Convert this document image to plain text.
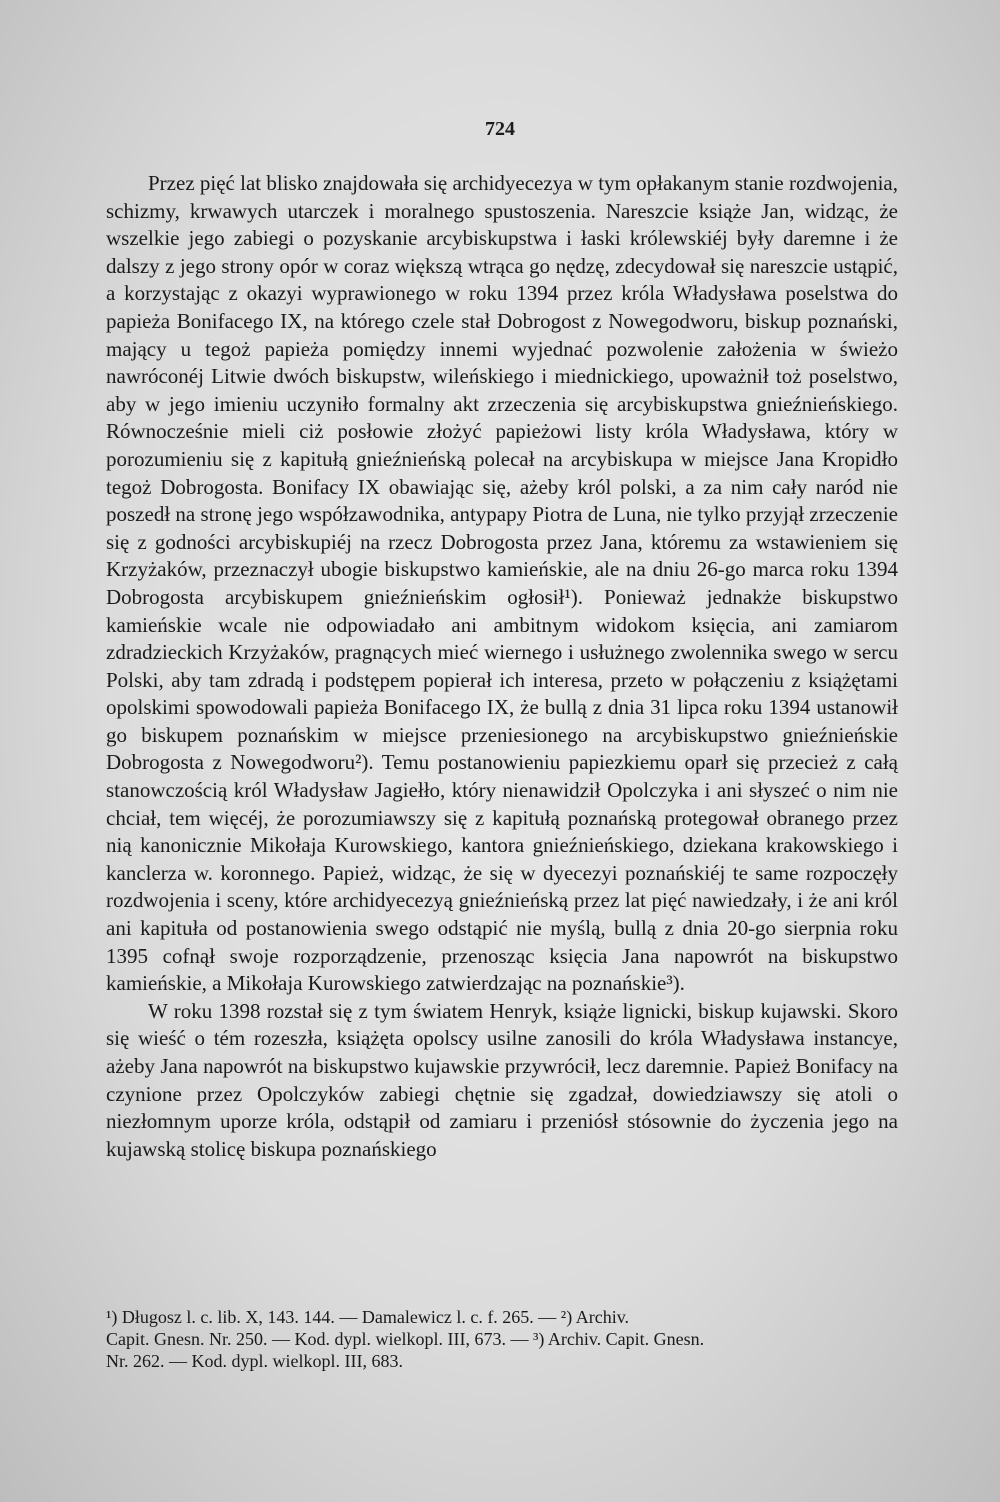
724

Przez pięć lat blisko znajdowała się archidyecezya w tym opłakanym stanie rozdwojenia, schizmy, krwawych utarczek i moralnego spustoszenia. Nareszcie książe Jan, widząc, że wszelkie jego zabiegi o pozyskanie arcybiskupstwa i łaski królewskiéj były daremne i że dalszy z jego strony opór w coraz większą wtrąca go nędzę, zdecydował się nareszcie ustąpić, a korzystając z okazyi wyprawionego w roku 1394 przez króla Władysława poselstwa do papieża Bonifacego IX, na którego czele stał Dobrogost z Nowegodworu, biskup poznański, mający u tegoż papieża pomiędzy innemi wyjednać pozwolenie założenia w świeżo nawróconéj Litwie dwóch biskupstw, wileńskiego i miednickiego, upoważnił toż poselstwo, aby w jego imieniu uczyniło formalny akt zrzeczenia się arcybiskupstwa gnieźnieńskiego. Równocześnie mieli ciż posłowie złożyć papieżowi listy króla Władysława, który w porozumieniu się z kapitułą gnieźnieńską polecał na arcybiskupa w miejsce Jana Kropidło tegoż Dobrogosta. Bonifacy IX obawiając się, ażeby król polski, a za nim cały naród nie poszedł na stronę jego współzawodnika, antypapy Piotra de Luna, nie tylko przyjął zrzeczenie się z godności arcybiskupiéj na rzecz Dobrogosta przez Jana, któremu za wstawieniem się Krzyżaków, przeznaczył ubogie biskupstwo kamieńskie, ale na dniu 26-go marca roku 1394 Dobrogosta arcybiskupem gnieźnieńskim ogłosił¹). Ponieważ jednakże biskupstwo kamieńskie wcale nie odpowiadało ani ambitnym widokom księcia, ani zamiarom zdradzieckich Krzyżaków, pragnących mieć wiernego i usłużnego zwolennika swego w sercu Polski, aby tam zdradą i podstępem popierał ich interesa, przeto w połączeniu z książętami opolskimi spowodowali papieża Bonifacego IX, że bullą z dnia 31 lipca roku 1394 ustanowił go biskupem poznańskim w miejsce przeniesionego na arcybiskupstwo gnieźnieńskie Dobrogosta z Nowegodworu²). Temu postanowieniu papiezkiemu oparł się przecież z całą stanowczością król Władysław Jagiełło, który nienawidził Opolczyka i ani słyszeć o nim nie chciał, tem więcéj, że porozumiawszy się z kapitułą poznańską protegował obranego przez nią kanonicznie Mikołaja Kurowskiego, kantora gnieźnieńskiego, dziekana krakowskiego i kanclerza w. koronnego. Papież, widząc, że się w dyecezyi poznańskiéj te same rozpoczęły rozdwojenia i sceny, które archidyecezyą gnieźnieńską przez lat pięć nawiedzały, i że ani król ani kapituła od postanowienia swego odstąpić nie myślą, bullą z dnia 20-go sierpnia roku 1395 cofnął swoje rozporządzenie, przenosząc księcia Jana napowrót na biskupstwo kamieńskie, a Mikołaja Kurowskiego zatwierdzając na poznańskie³).

W roku 1398 rozstał się z tym światem Henryk, książe lignicki, biskup kujawski. Skoro się wieść o tém rozeszła, książęta opolscy usilne zanosili do króla Władysława instancye, ażeby Jana napowrót na biskupstwo kujawskie przywrócił, lecz daremnie. Papież Bonifacy na czynione przez Opolczyków zabiegi chętnie się zgadzał, dowiedziawszy się atoli o niezłomnym uporze króla, odstąpił od zamiaru i przeniósł stósownie do życzenia jego na kujawską stolicę biskupa poznańskiego

¹) Długosz l. c. lib. X, 143. 144. — Damalewicz l. c. f. 265. — ²) Archiv.
Capit. Gnesn. Nr. 250. — Kod. dypl. wielkopl. III, 673. — ³) Archiv. Capit. Gnesn.
Nr. 262. — Kod. dypl. wielkopl. III, 683.
